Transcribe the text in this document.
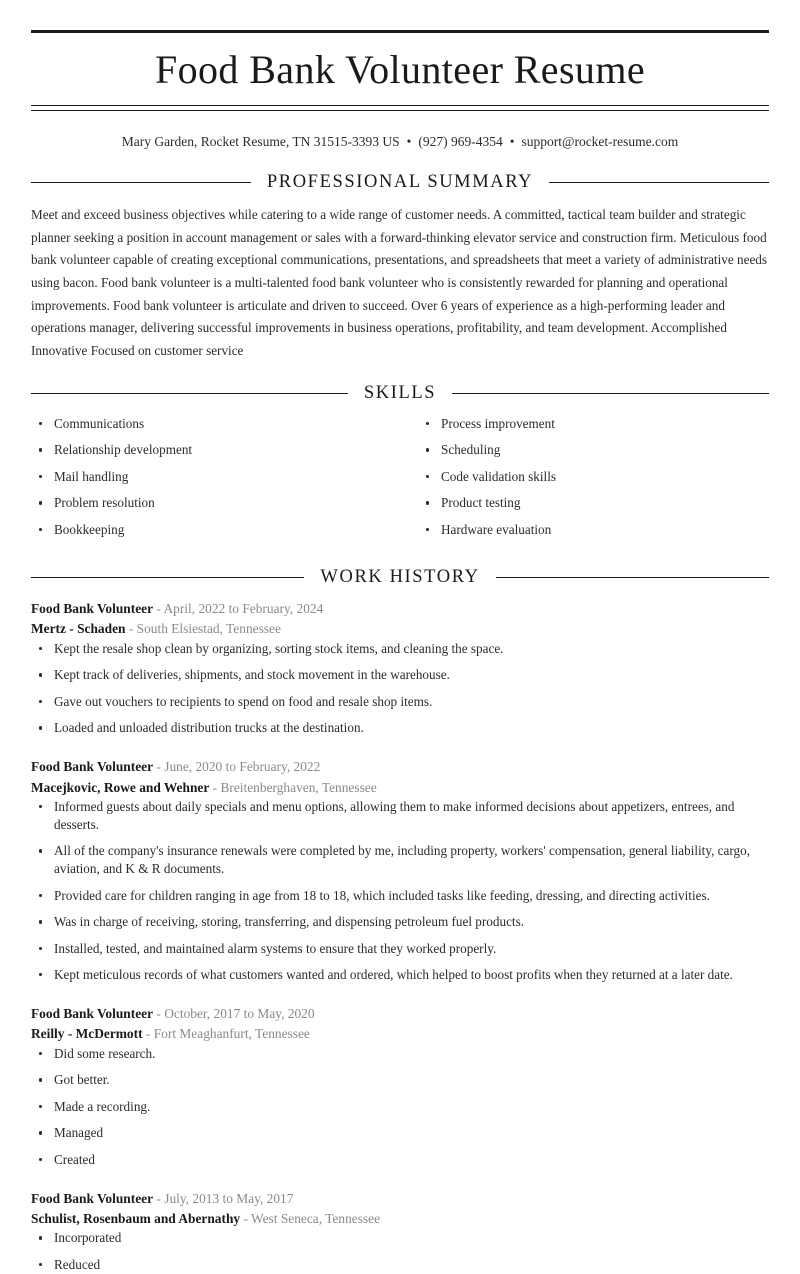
Food Bank Volunteer Resume
Mary Garden, Rocket Resume, TN 31515-3393 US • (927) 969-4354 • support@rocket-resume.com
PROFESSIONAL SUMMARY

Meet and exceed business objectives while catering to a wide range of customer needs. A committed, tactical team builder and strategic planner seeking a position in account management or sales with a forward-thinking elevator service and construction firm. Meticulous food bank volunteer capable of creating exceptional communications, presentations, and spreadsheets that meet a variety of administrative needs using bacon. Food bank volunteer is a multi-talented food bank volunteer who is consistently rewarded for planning and operational improvements. Food bank volunteer is articulate and driven to succeed. Over 6 years of experience as a high-performing leader and operations manager, delivering successful improvements in business operations, profitability, and team development. Accomplished Innovative Focused on customer service

SKILLS
Communications
Relationship development
Mail handling
Problem resolution
Bookkeeping
Process improvement
Scheduling
Code validation skills
Product testing
Hardware evaluation
WORK HISTORY
Food Bank Volunteer - April, 2022 to February, 2024
Mertz - Schaden - South Elsiestad, Tennessee
Kept the resale shop clean by organizing, sorting stock items, and cleaning the space.
Kept track of deliveries, shipments, and stock movement in the warehouse.
Gave out vouchers to recipients to spend on food and resale shop items.
Loaded and unloaded distribution trucks at the destination.
Food Bank Volunteer - June, 2020 to February, 2022
Macejkovic, Rowe and Wehner - Breitenberghaven, Tennessee
Informed guests about daily specials and menu options, allowing them to make informed decisions about appetizers, entrees, and desserts.
All of the company's insurance renewals were completed by me, including property, workers' compensation, general liability, cargo, aviation, and K & R documents.
Provided care for children ranging in age from 18 to 18, which included tasks like feeding, dressing, and directing activities.
Was in charge of receiving, storing, transferring, and dispensing petroleum fuel products.
Installed, tested, and maintained alarm systems to ensure that they worked properly.
Kept meticulous records of what customers wanted and ordered, which helped to boost profits when they returned at a later date.
Food Bank Volunteer - October, 2017 to May, 2020
Reilly - McDermott - Fort Meaghanfurt, Tennessee
Did some research.
Got better.
Made a recording.
Managed
Created
Food Bank Volunteer - July, 2013 to May, 2017
Schulist, Rosenbaum and Abernathy - West Seneca, Tennessee
Incorporated
Reduced
